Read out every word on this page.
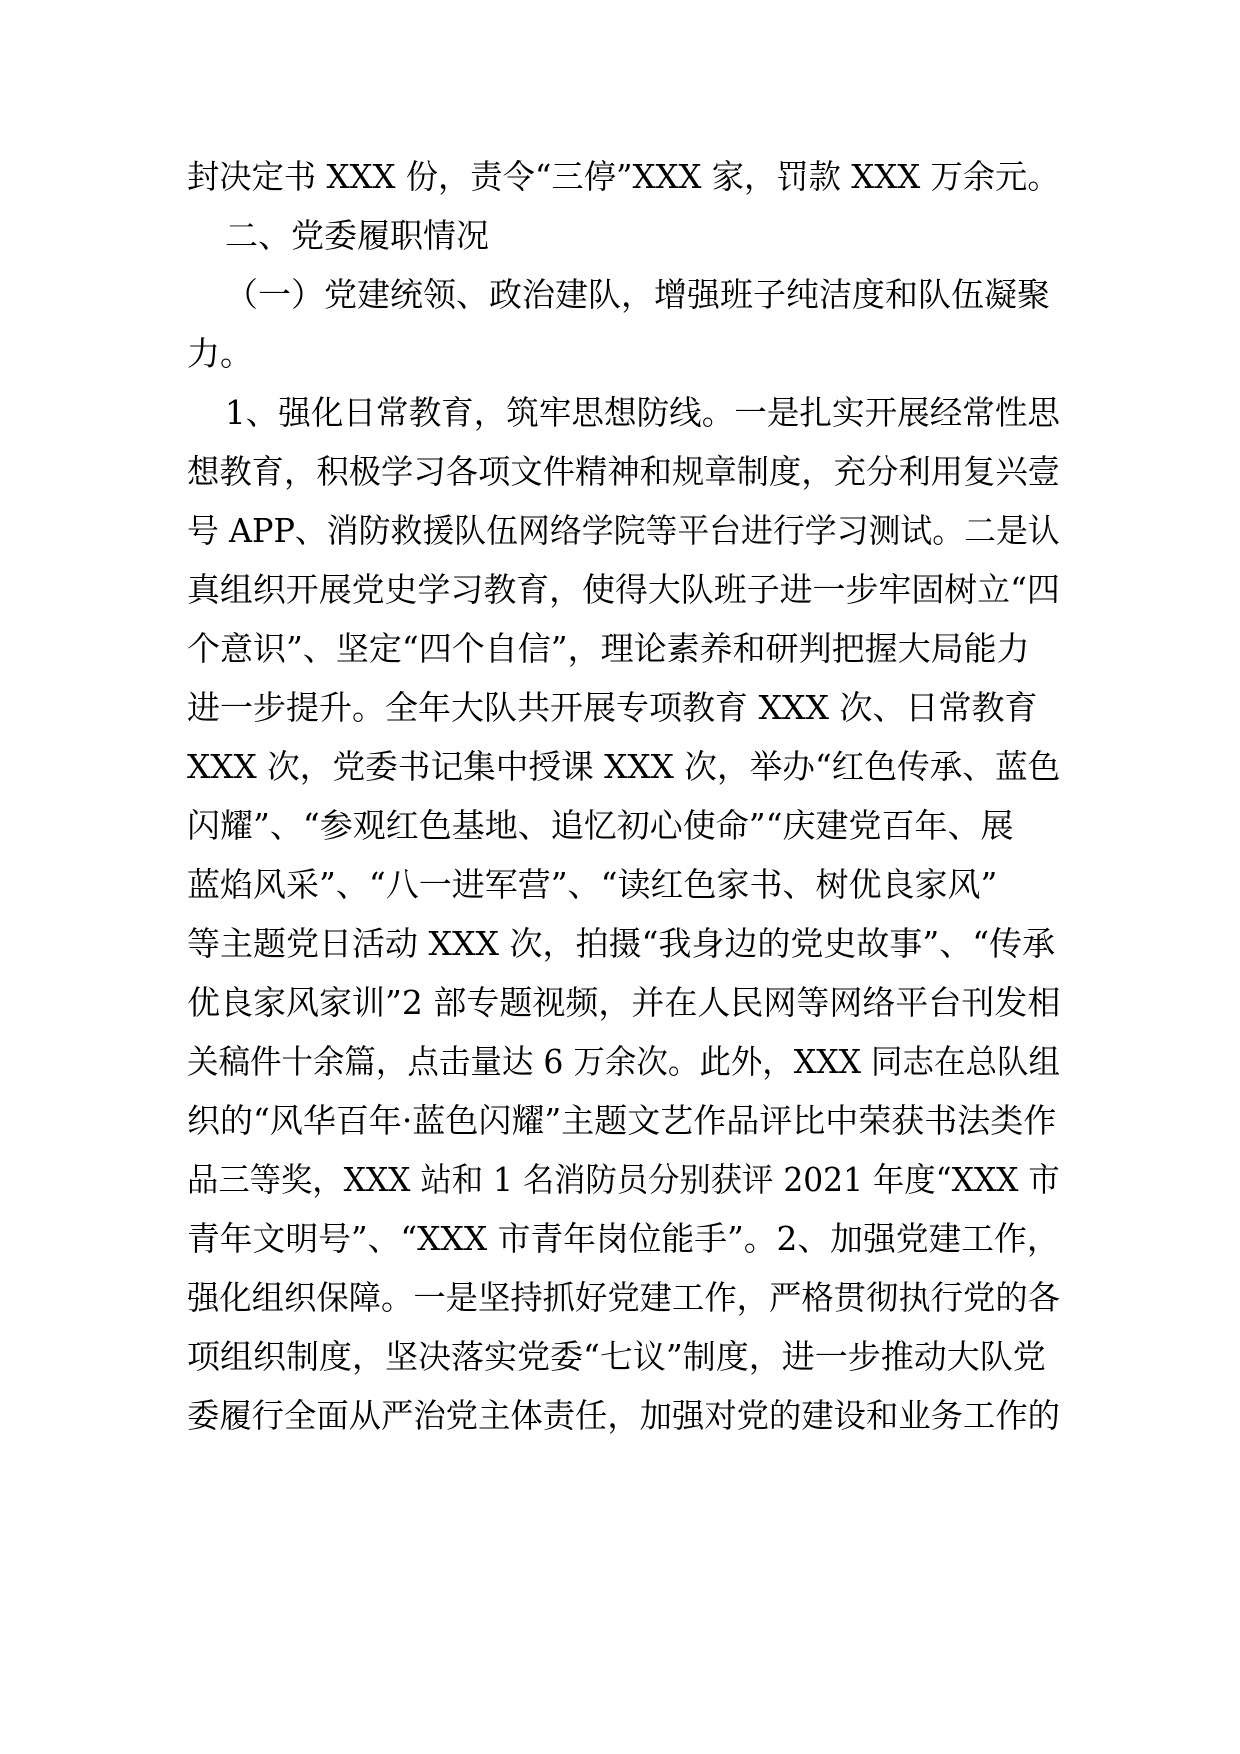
封决定书 XXX 份，责令“三停”XXX 家，罚款 XXX 万余元。
二、党委履职情况
（一）党建统领、政治建队，增强班子纯洁度和队伍凝聚
力。
1、强化日常教育，筑牢思想防线。一是扎实开展经常性思
想教育，积极学习各项文件精神和规章制度，充分利用复兴壹
号 APP、消防救援队伍网络学院等平台进行学习测试。二是认
真组织开展党史学习教育，使得大队班子进一步牢固树立“四
个意识”、坚定“四个自信”，理论素养和研判把握大局能力
进一步提升。全年大队共开展专项教育 XXX 次、日常教育
XXX 次，党委书记集中授课 XXX 次，举办“红色传承、蓝色
闪耀”、“参观红色基地、追忆初心使命”“庆建党百年、展
蓝焰风采”、“八一进军营”、“读红色家书、树优良家风”
等主题党日活动 XXX 次，拍摄“我身边的党史故事”、“传承
优良家风家训”2 部专题视频，并在人民网等网络平台刊发相
关稿件十余篇，点击量达 6 万余次。此外，XXX 同志在总队组
织的“风华百年·蓝色闪耀”主题文艺作品评比中荣获书法类作
品三等奖，XXX 站和 1 名消防员分别获评 2021 年度“XXX 市
青年文明号”、“XXX 市青年岗位能手”。2、加强党建工作，
强化组织保障。一是坚持抓好党建工作，严格贯彻执行党的各
项组织制度，坚决落实党委“七议”制度，进一步推动大队党
委履行全面从严治党主体责任，加强对党的建设和业务工作的
